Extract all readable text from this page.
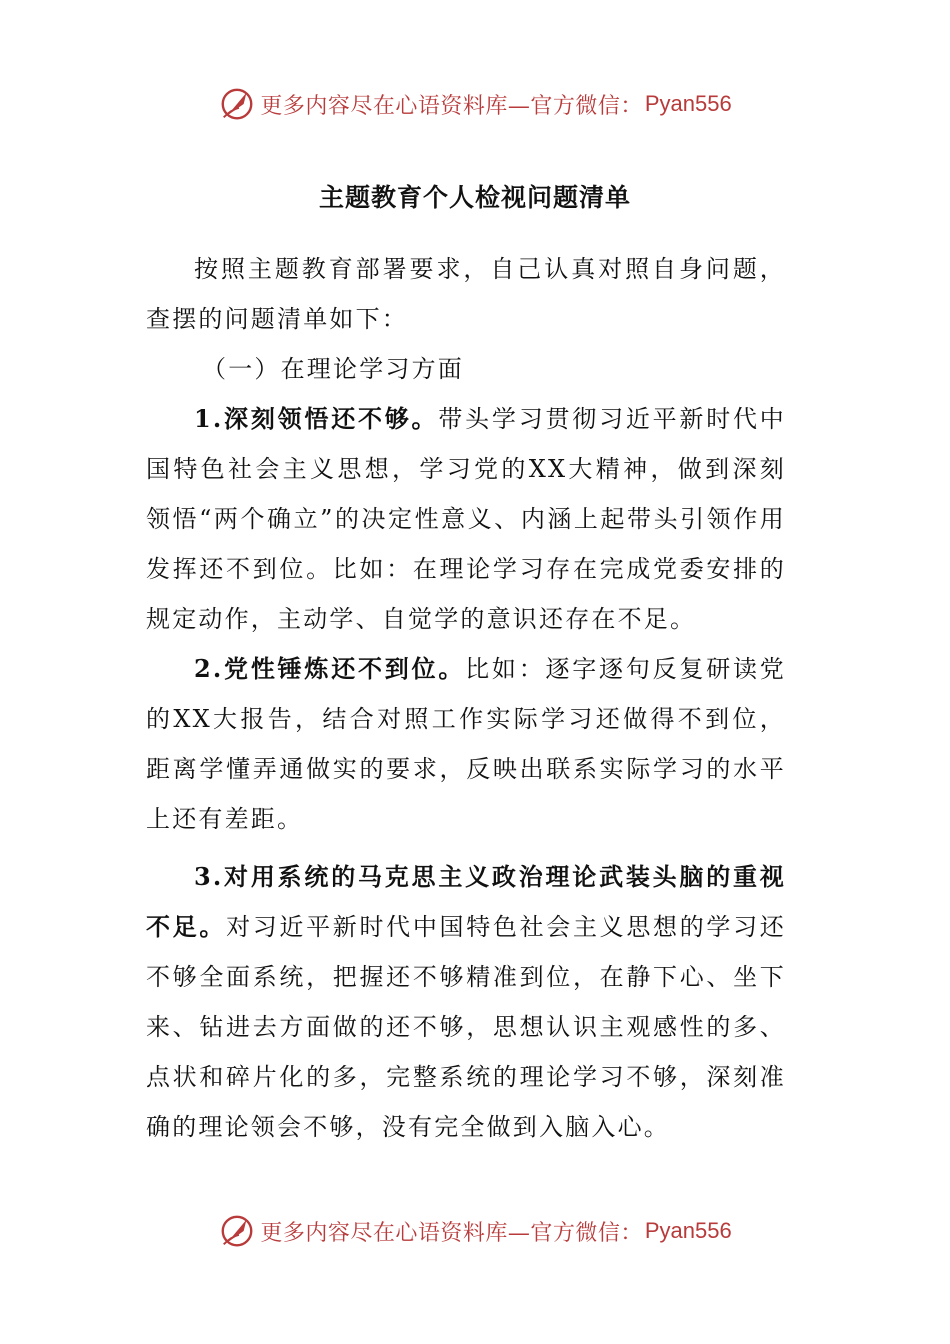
更多内容尽在心语资料库—官方微信： Pyan556
主题教育个人检视问题清单

按照主题教育部署要求，自己认真对照自身问题，查摆的问题清单如下：

（一）在理论学习方面

1.深刻领悟还不够。带头学习贯彻习近平新时代中国特色社会主义思想，学习党的XX大精神，做到深刻领悟“两个确立”的决定性意义、内涵上起带头引领作用发挥还不到位。比如：在理论学习存在完成党委安排的规定动作，主动学、自觉学的意识还存在不足。

2.党性锤炼还不到位。比如：逐字逐句反复研读党的XX大报告，结合对照工作实际学习还做得不到位，距离学懂弄通做实的要求，反映出联系实际学习的水平上还有差距。

3.对用系统的马克思主义政治理论武装头脑的重视不足。对习近平新时代中国特色社会主义思想的学习还不够全面系统，把握还不够精准到位，在静下心、坐下来、钻进去方面做的还不够，思想认识主观感性的多、点状和碎片化的多，完整系统的理论学习不够，深刻准确的理论领会不够，没有完全做到入脑入心。

更多内容尽在心语资料库—官方微信： Pyan556
